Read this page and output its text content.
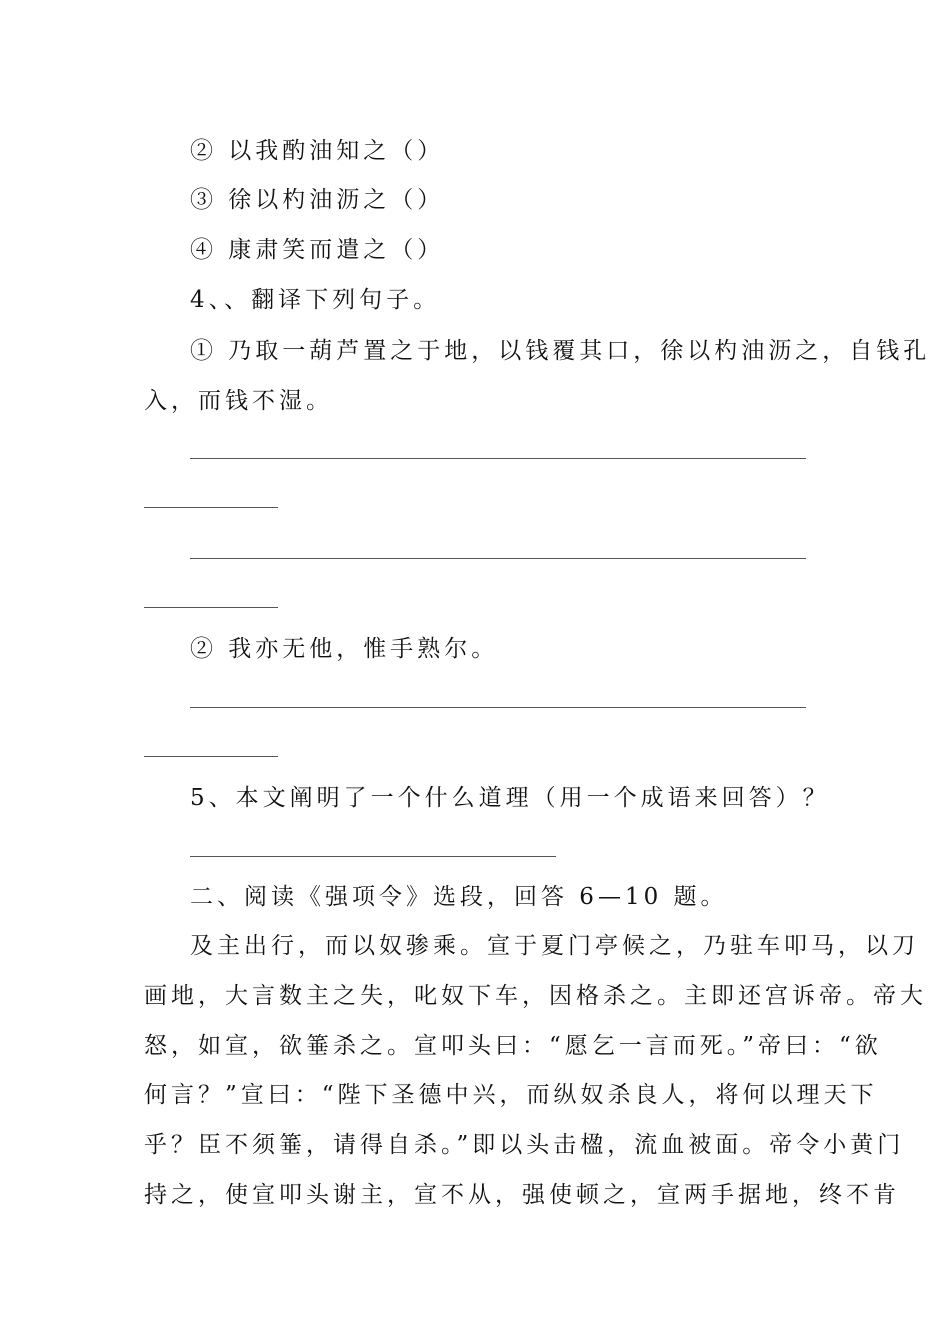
② 以我酌油知之（）
③ 徐以杓油沥之（）
④ 康肃笑而遣之（）
4、、翻译下列句子。
① 乃取一葫芦置之于地，以钱覆其口，徐以杓油沥之，自钱孔
入，而钱不湿。
② 我亦无他，惟手熟尔。
5、本文阐明了一个什么道理（用一个成语来回答）？
二、阅读《强项令》选段，回答 6—10 题。
及主出行，而以奴骖乘。宣于夏门亭候之，乃驻车叩马，以刀
画地，大言数主之失，叱奴下车，因格杀之。主即还宫诉帝。帝大
怒，如宣，欲箠杀之。宣叩头曰：“愿乞一言而死。”帝曰：“欲
何言？”宣曰：“陛下圣德中兴，而纵奴杀良人，将何以理天下
乎？臣不须箠，请得自杀。”即以头击楹，流血被面。帝令小黄门
持之，使宣叩头谢主，宣不从，强使顿之，宣两手据地，终不肯
